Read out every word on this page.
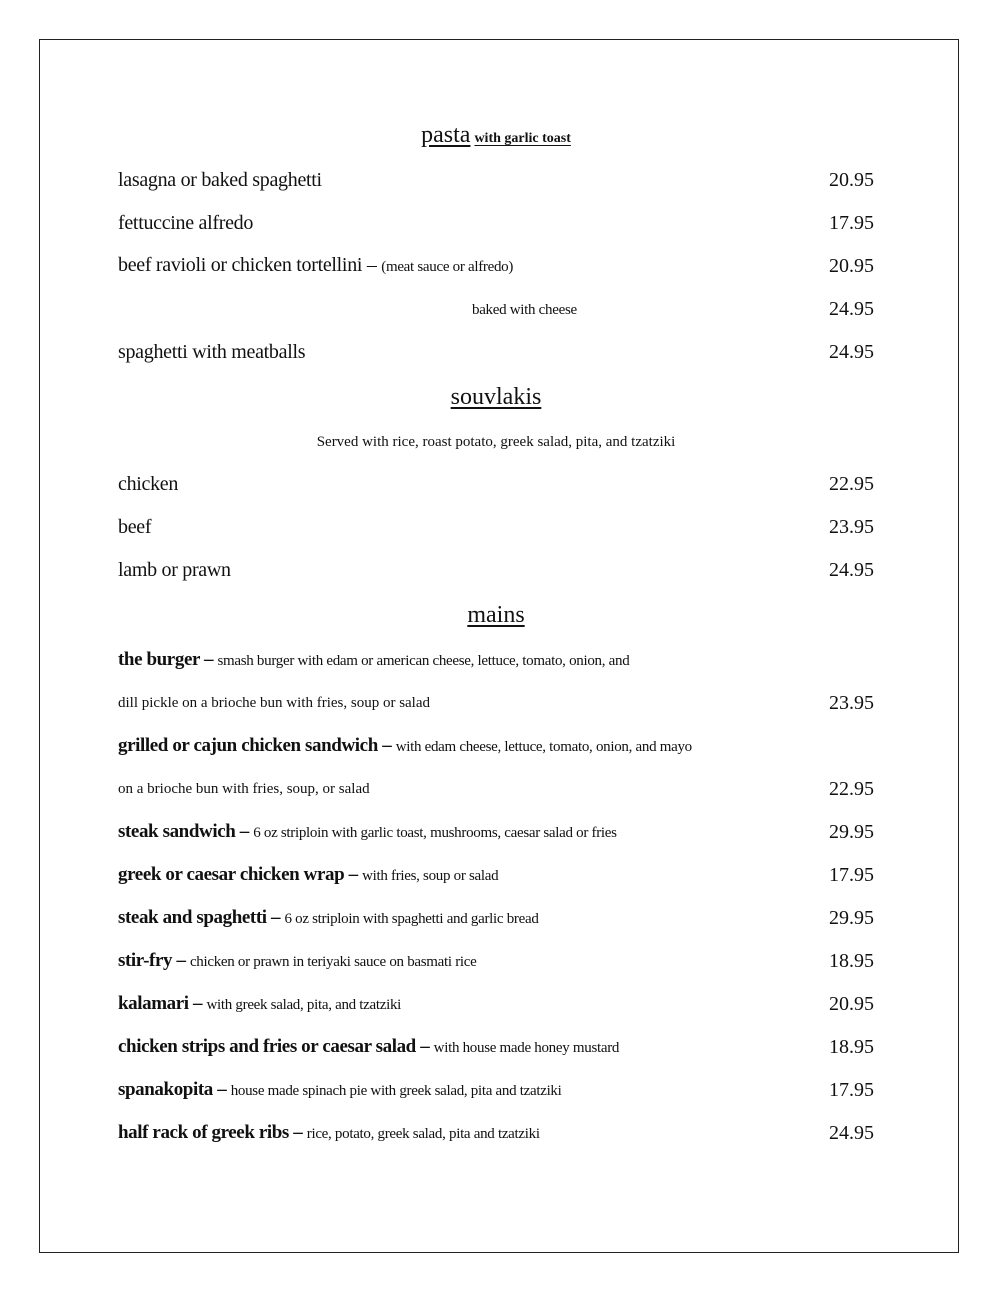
pasta with garlic toast
lasagna or baked spaghetti	20.95
fettuccine alfredo	17.95
beef ravioli or chicken tortellini – (meat sauce or alfredo)	20.95
baked with cheese	24.95
spaghetti with meatballs	24.95
souvlakis
Served with rice, roast potato, greek salad, pita, and tzatziki
chicken	22.95
beef	23.95
lamb or prawn	24.95
mains
the burger – smash burger with edam or american cheese, lettuce, tomato, onion, and
dill pickle on a brioche bun with fries, soup or salad	23.95
grilled or cajun chicken sandwich – with edam cheese, lettuce, tomato, onion, and mayo
on a brioche bun with fries, soup, or salad	22.95
steak sandwich – 6 oz striploin with garlic toast, mushrooms, caesar salad or fries	29.95
greek or caesar chicken wrap – with fries, soup or salad	17.95
steak and spaghetti – 6 oz striploin with spaghetti and garlic bread	29.95
stir-fry – chicken or prawn in teriyaki sauce on basmati rice	18.95
kalamari – with greek salad, pita, and tzatziki	20.95
chicken strips and fries or caesar salad – with house made honey mustard	18.95
spanakopita – house made spinach pie with greek salad, pita and tzatziki	17.95
half rack of greek ribs – rice, potato, greek salad, pita and tzatziki	24.95
